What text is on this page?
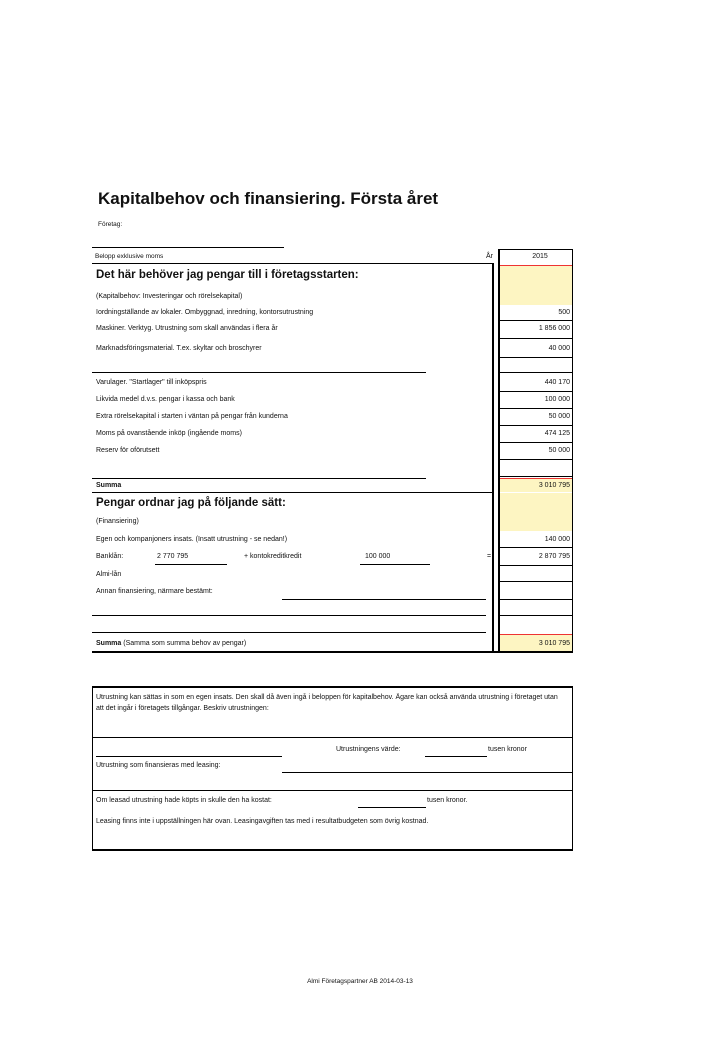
Kapitalbehov och finansiering. Första året
Företag:
Belopp exklusive moms	År	2015
Det här behöver jag pengar till i företagsstarten:
(Kapitalbehov: Investeringar och rörelsekapital)
Iordningställande av lokaler. Ombyggnad, inredning, kontorsutrustning	500
Maskiner. Verktyg. Utrustning som skall användas i flera år	1 856 000
Marknadsföringsmaterial. T.ex. skyltar och broschyrer	40 000
Varulager. "Startlager" till inköpspris	440 170
Likvida medel d.v.s. pengar i kassa och bank	100 000
Extra rörelsekapital i starten i väntan på pengar från kunderna	50 000
Moms på ovanstående inköp (ingående moms)	474 125
Reserv för oförutsett	50 000
Summa	3 010 795
Pengar ordnar jag på följande sätt:
(Finansiering)
Egen och kompanjoners insats. (Insatt utrustning - se nedan!)	140 000
Banklån:	2 770 795	+ kontokreditkredit	100 000	=	2 870 795
Almi-lån
Annan finansiering, närmare bestämt:
Summa (Samma som summa behov av pengar)	3 010 795
Utrustning kan sättas in som en egen insats. Den skall då även ingå i beloppen för kapitalbehov. Ägare kan också använda utrustning i företaget utan att det ingår i företagets tillgångar. Beskriv utrustningen:
Utrustningens värde:	tusen kronor
Utrustning som finansieras med leasing:
Om leasad utrustning hade köpts in skulle den ha kostat:	tusen kronor.
Leasing finns inte i uppställningen här ovan. Leasingavgiften tas med i resultatbudgeten som övrig kostnad.
Almi Företagspartner AB 2014-03-13
